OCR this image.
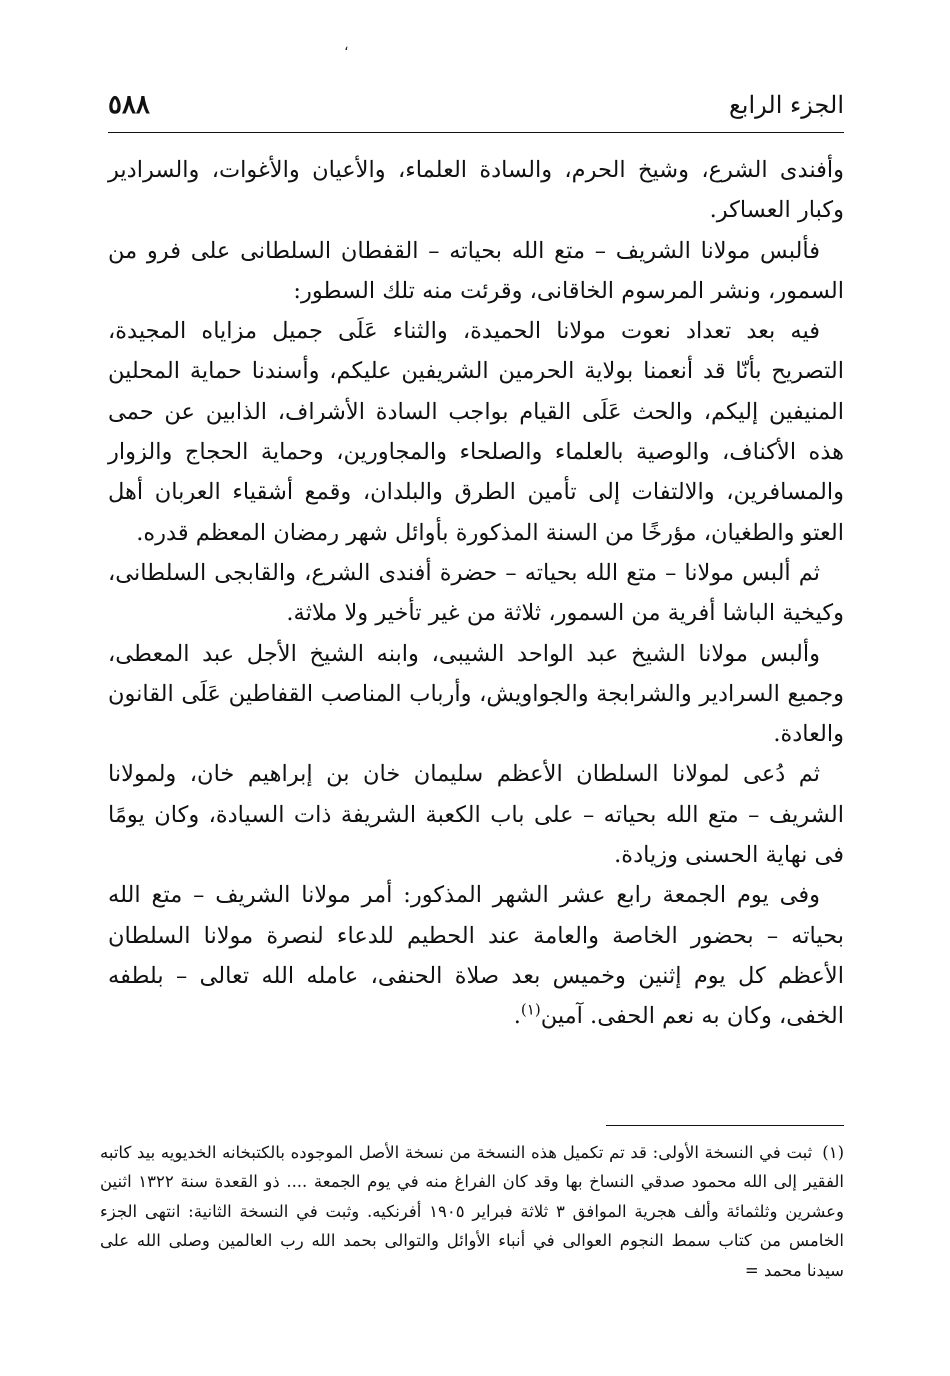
،
الجزء الرابع
٥٨٨

وأفندى الشرع، وشيخ الحرم، والسادة العلماء، والأعيان والأغوات، والسرادير وكبار العساكر.

فألبس مولانا الشريف – متع الله بحياته – القفطان السلطانى على فرو من السمور، ونشر المرسوم الخاقانى، وقرئت منه تلك السطور:

فيه بعد تعداد نعوت مولانا الحميدة، والثناء عَلَى جميل مزاياه المجيدة، التصريح بأنّا قد أنعمنا بولاية الحرمين الشريفين عليكم، وأسندنا حماية المحلين المنيفين إليكم، والحث عَلَى القيام بواجب السادة الأشراف، الذابين عن حمى هذه الأكناف، والوصية بالعلماء والصلحاء والمجاورين، وحماية الحجاج والزوار والمسافرين، والالتفات إلى تأمين الطرق والبلدان، وقمع أشقياء العربان أهل العتو والطغيان، مؤرخًا من السنة المذكورة بأوائل شهر رمضان المعظم قدره.

ثم ألبس مولانا – متع الله بحياته – حضرة أفندى الشرع، والقابجى السلطانى، وكيخية الباشا أفرية من السمور، ثلاثة من غير تأخير ولا ملاثة.

وألبس مولانا الشيخ عبد الواحد الشيبى، وابنه الشيخ الأجل عبد المعطى، وجميع السرادير والشرابجة والجواويش، وأرباب المناصب القفاطين عَلَى القانون والعادة.

ثم دُعى لمولانا السلطان الأعظم سليمان خان بن إبراهيم خان، ولمولانا الشريف – متع الله بحياته – على باب الكعبة الشريفة ذات السيادة، وكان يومًا فى نهاية الحسنى وزيادة.

وفى يوم الجمعة رابع عشر الشهر المذكور: أمر مولانا الشريف – متع الله بحياته – بحضور الخاصة والعامة عند الحطيم للدعاء لنصرة مولانا السلطان الأعظم كل يوم إثنين وخميس بعد صلاة الحنفى، عامله الله تعالى – بلطفه الخفى، وكان به نعم الحفى. آمين$^{(١)}$.

(١)ثبت في النسخة الأولى: قد تم تكميل هذه النسخة من نسخة الأصل الموجوده بالكتبخانه الخديويه بيد كاتبه الفقير إلى الله محمود صدقي النساخ بها وقد كان الفراغ منه في يوم الجمعة .... ذو القعدة سنة ١٣٢٢ اثنين وعشرين وثلثمائة وألف هجرية الموافق ٣ ثلاثة فبراير ١٩٠٥ أفرنكيه. وثبت في النسخة الثانية: انتهى الجزء الخامس من كتاب سمط النجوم العوالى في أنباء الأوائل والتوالى بحمد الله رب العالمين وصلى الله على سيدنا محمد =
